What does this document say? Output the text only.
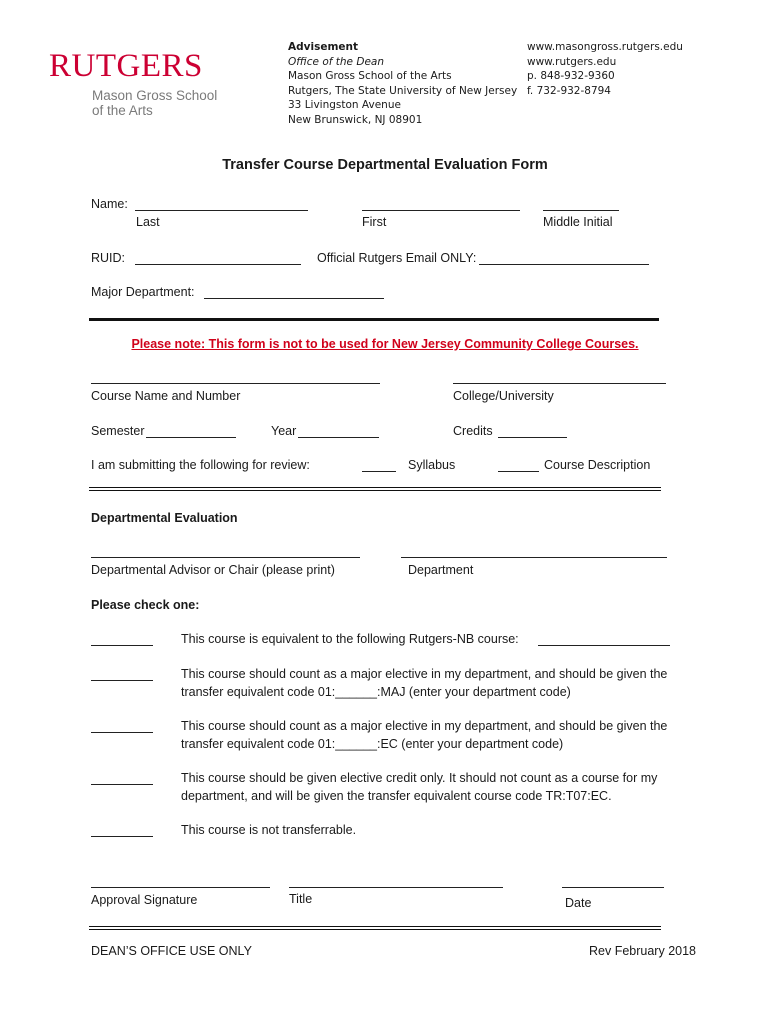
RUTGERS
Mason Gross School
of the Arts
Advisement
Office of the Dean
Mason Gross School of the Arts
Rutgers, The State University of New Jersey
33 Livingston Avenue
New Brunswick, NJ 08901
www.masongross.rutgers.edu
www.rutgers.edu
p. 848-932-9360
f. 732-932-8794
Transfer Course Departmental Evaluation Form
Name:
Last	First	Middle Initial
RUID:	Official Rutgers Email ONLY:
Major Department:
Please note: This form is not to be used for New Jersey Community College Courses.
Course Name and Number	College/University
Semester	Year	Credits
I am submitting the following for review:	Syllabus	Course Description
Departmental Evaluation
Departmental Advisor or Chair (please print)	Department
Please check one:
This course is equivalent to the following Rutgers-NB course:
This course should count as a major elective in my department, and should be given the
transfer equivalent code 01:______:MAJ (enter your department code)
This course should count as a major elective in my department, and should be given the
transfer equivalent code 01:______:EC (enter your department code)
This course should be given elective credit only. It should not count as a course for my
department, and will be given the transfer equivalent course code TR:T07:EC.
This course is not transferrable.
Approval Signature	Title	Date
DEAN’S OFFICE USE ONLY	Rev February 2018
